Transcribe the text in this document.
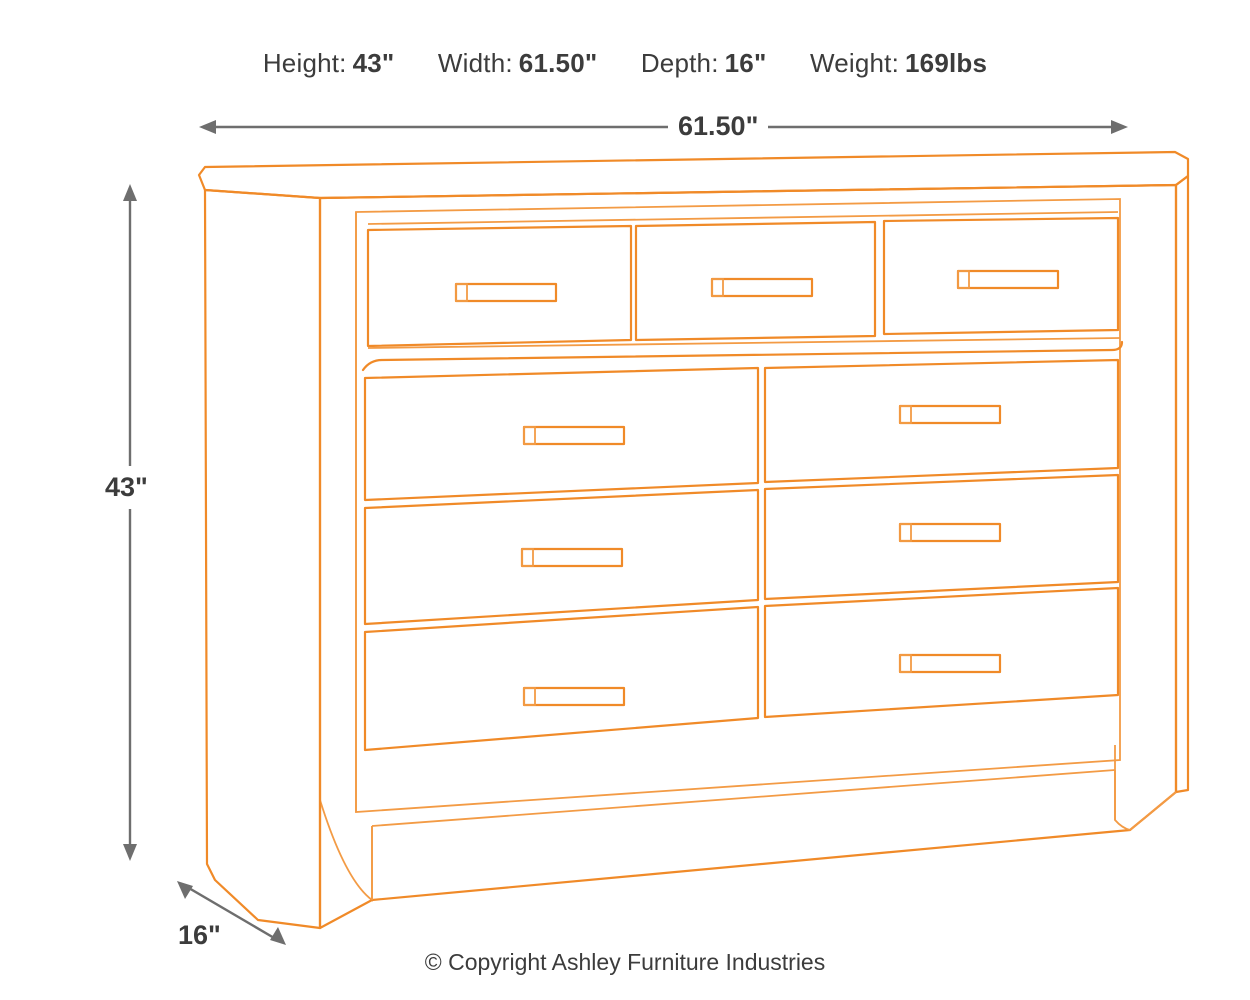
Height: 43" Width: 61.50" Depth: 16" Weight: 169lbs
61.50"
43"
16"
© Copyright Ashley Furniture Industries
